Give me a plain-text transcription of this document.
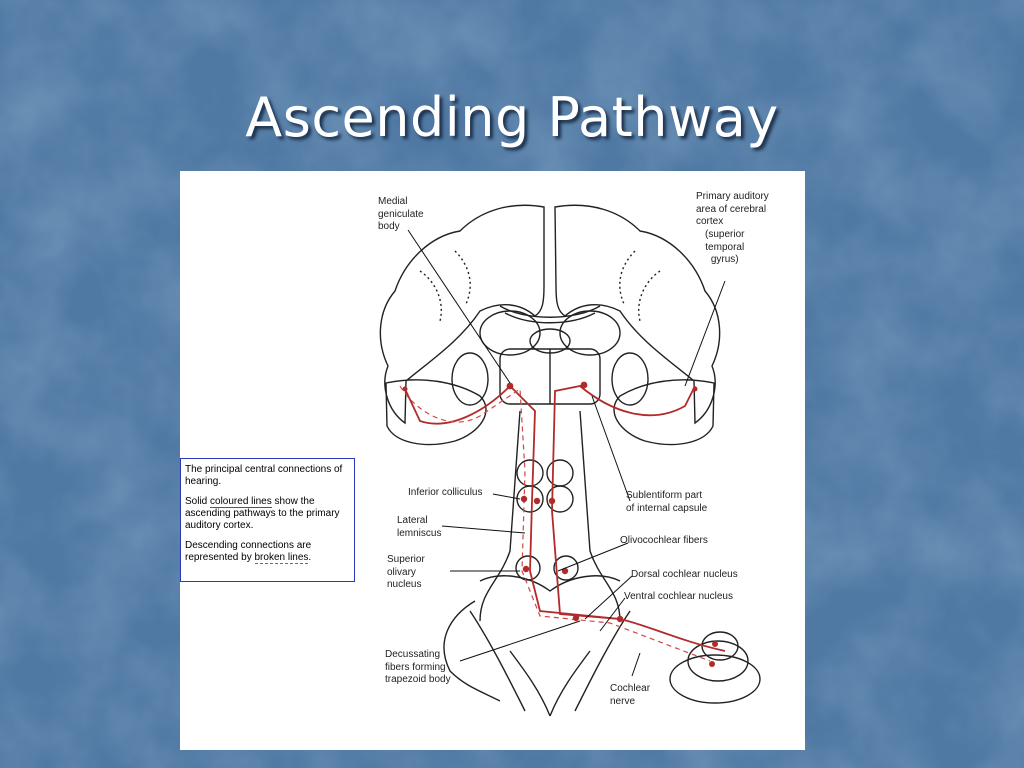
Ascending Pathway
Medial
geniculate
body
Primary auditory
area of cerebral
cortex
(superior
temporal
gyrus)
Inferior colliculus
Lateral
lemniscus
Superior
olivary
nucleus
Decussating
fibers forming
trapezoid body
Sublentiform part
of internal capsule
Olivocochlear fibers
Dorsal cochlear nucleus
Ventral cochlear nucleus
Cochlear
nerve

The principal central connections of hearing.

Solid coloured lines show the ascending pathways to the primary auditory cortex.

Descending connections are represented by broken lines.
